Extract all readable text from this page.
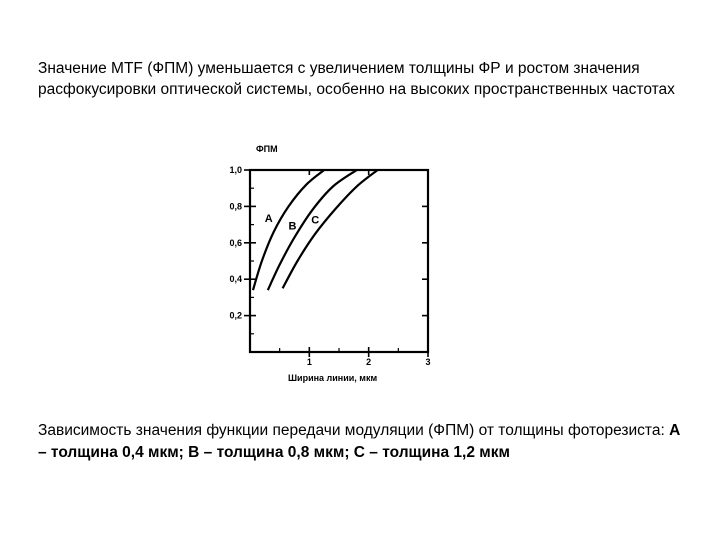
Значение МТF (ФПМ) уменьшается с увеличением толщины ФР и ростом значения расфокусировки оптической системы, особенно на высоких пространственных частотах
0,2
0,4
0,6
0,8
1,0
1	2	3
A
B C
ФПМ
Ширина линии, мкм
Зависимость значения функции передачи модуляции (ФПМ) от толщины фоторезиста: А – толщина 0,4 мкм; В – толщина 0,8 мкм; С – толщина 1,2 мкм
